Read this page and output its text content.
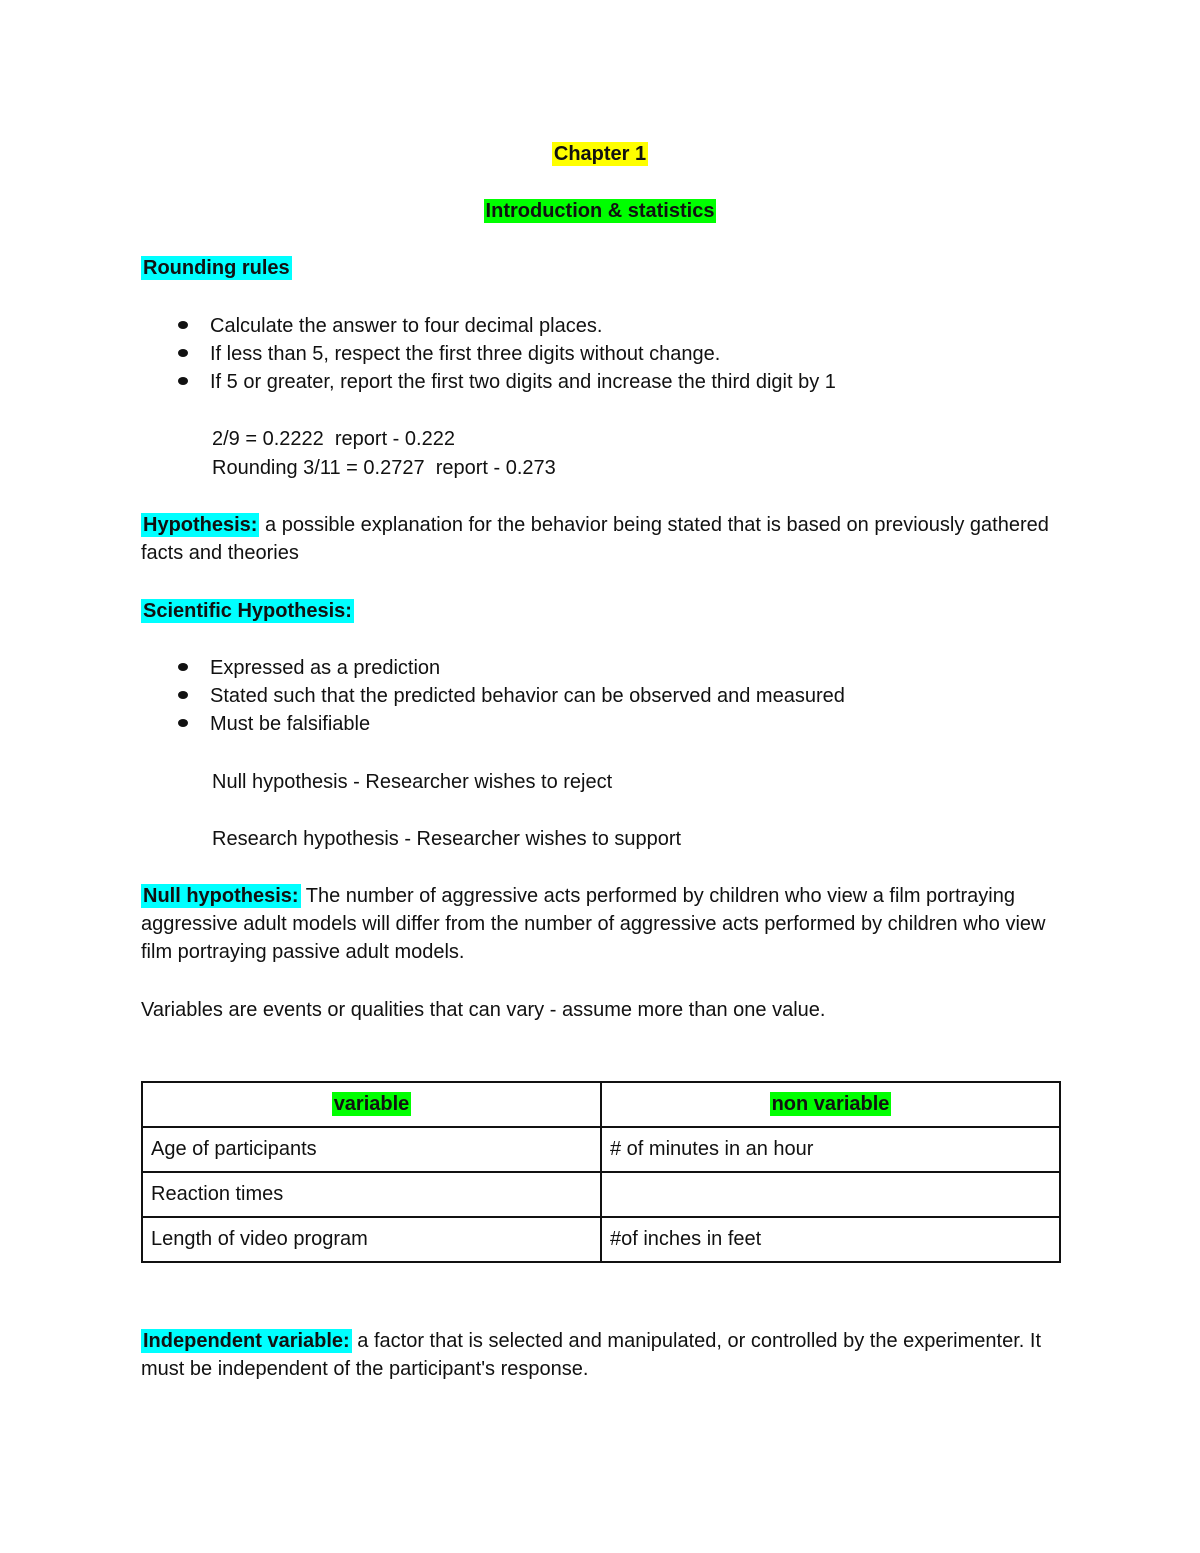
Chapter 1
Introduction & statistics
Rounding rules
Calculate the answer to four decimal places.
If less than 5, respect the first three digits without change.
If 5 or greater, report the first two digits and increase the third digit by 1
2/9 = 0.2222  report - 0.222
Rounding 3/11 = 0.2727  report - 0.273
Hypothesis: a possible explanation for the behavior being stated that is based on previously gathered facts and theories
Scientific Hypothesis:
Expressed as a prediction
Stated such that the predicted behavior can be observed and measured
Must be falsifiable
Null hypothesis - Researcher wishes to reject
Research hypothesis - Researcher wishes to support
Null hypothesis: The number of aggressive acts performed by children who view a film portraying aggressive adult models will differ from the number of aggressive acts performed by children who view film portraying passive adult models.
Variables are events or qualities that can vary - assume more than one value.
variable	non variable
Age of participants	# of minutes in an hour
Reaction times	
Length of video program	#of inches in feet
Independent variable: a factor that is selected and manipulated, or controlled by the experimenter. It must be independent of the participant's response.
